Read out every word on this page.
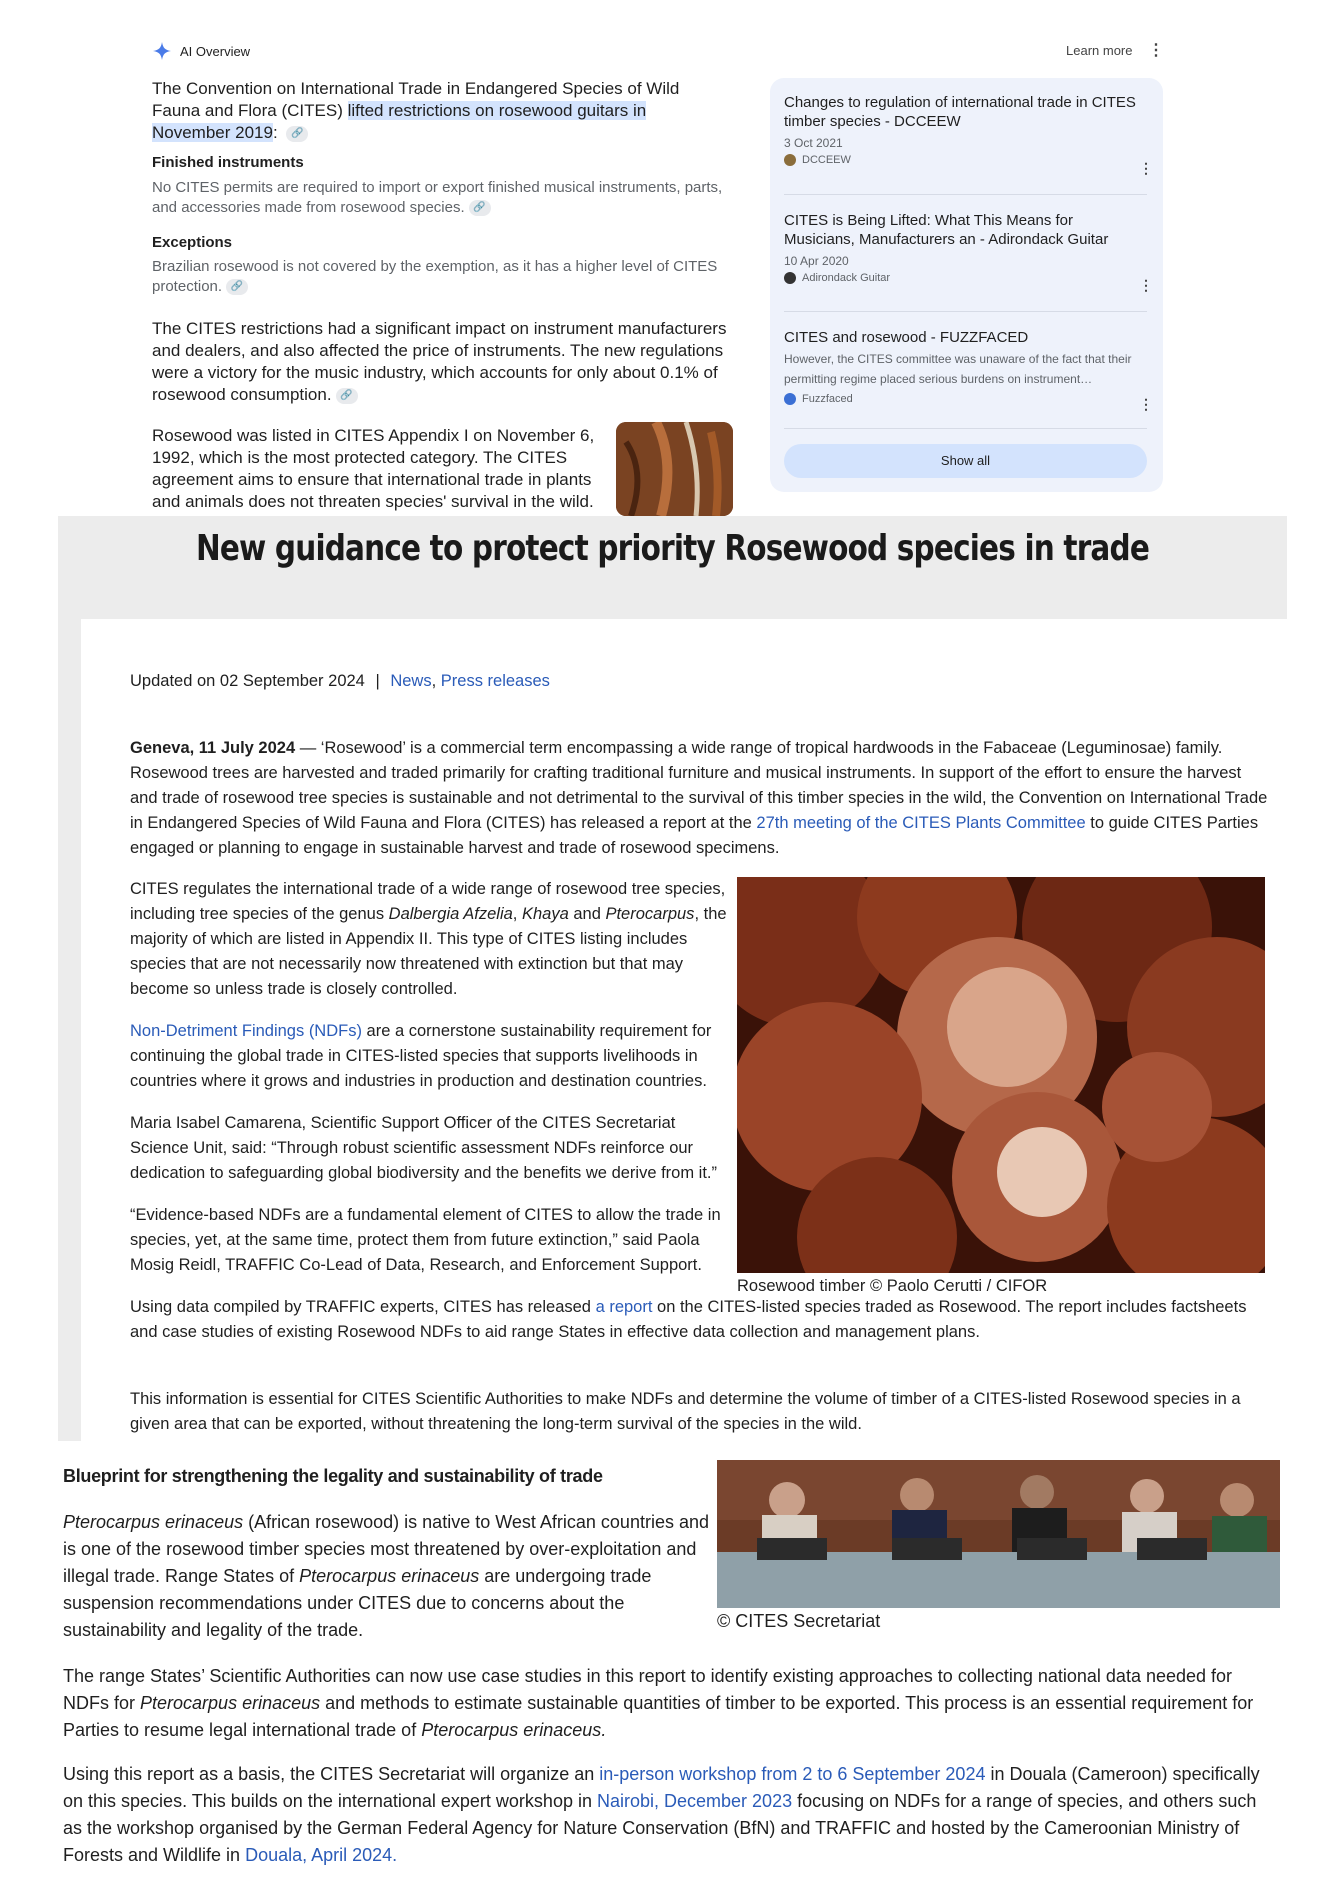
AI Overview	Learn more ⋮
The Convention on International Trade in Endangered Species of Wild Fauna and Flora (CITES) lifted restrictions on rosewood guitars in November 2019: 🔗
Finished instruments
No CITES permits are required to import or export finished musical instruments, parts, and accessories made from rosewood species. 🔗
Exceptions
Brazilian rosewood is not covered by the exemption, as it has a higher level of CITES protection. 🔗
The CITES restrictions had a significant impact on instrument manufacturers and dealers, and also affected the price of instruments. The new regulations were a victory for the music industry, which accounts for only about 0.1% of rosewood consumption. 🔗
Rosewood was listed in CITES Appendix I on November 6, 1992, which is the most protected category. The CITES agreement aims to ensure that international trade in plants and animals does not threaten species' survival in the wild.
Changes to regulation of international trade in CITES timber species - DCCEEW
3 Oct 2021
DCCEEW	⋮
CITES is Being Lifted: What This Means for Musicians, Manufacturers an - Adirondack Guitar
10 Apr 2020
Adirondack Guitar	⋮
CITES and rosewood - FUZZFACED
However, the CITES committee was unaware of the fact that their permitting regime placed serious burdens on instrument…
Fuzzfaced	⋮
Show all
New guidance to protect priority Rosewood species in trade
Updated on 02 September 2024 | News, Press releases
Geneva, 11 July 2024 — ‘Rosewood’ is a commercial term encompassing a wide range of tropical hardwoods in the Fabaceae (Leguminosae) family. Rosewood trees are harvested and traded primarily for crafting traditional furniture and musical instruments. In support of the effort to ensure the harvest and trade of rosewood tree species is sustainable and not detrimental to the survival of this timber species in the wild, the Convention on International Trade in Endangered Species of Wild Fauna and Flora (CITES) has released a report at the 27th meeting of the CITES Plants Committee to guide CITES Parties engaged or planning to engage in sustainable harvest and trade of rosewood specimens.
CITES regulates the international trade of a wide range of rosewood tree species, including tree species of the genus Dalbergia Afzelia, Khaya and Pterocarpus, the majority of which are listed in Appendix II. This type of CITES listing includes species that are not necessarily now threatened with extinction but that may become so unless trade is closely controlled.
Non-Detriment Findings (NDFs) are a cornerstone sustainability requirement for continuing the global trade in CITES-listed species that supports livelihoods in countries where it grows and industries in production and destination countries.
Maria Isabel Camarena, Scientific Support Officer of the CITES Secretariat Science Unit, said: “Through robust scientific assessment NDFs reinforce our dedication to safeguarding global biodiversity and the benefits we derive from it.”
“Evidence-based NDFs are a fundamental element of CITES to allow the trade in species, yet, at the same time, protect them from future extinction,” said Paola Mosig Reidl, TRAFFIC Co-Lead of Data, Research, and Enforcement Support.
Rosewood timber © Paolo Cerutti / CIFOR
Using data compiled by TRAFFIC experts, CITES has released a report on the CITES-listed species traded as Rosewood. The report includes factsheets and case studies of existing Rosewood NDFs to aid range States in effective data collection and management plans.
This information is essential for CITES Scientific Authorities to make NDFs and determine the volume of timber of a CITES-listed Rosewood species in a given area that can be exported, without threatening the long-term survival of the species in the wild.
Blueprint for strengthening the legality and sustainability of trade
© CITES Secretariat
Pterocarpus erinaceus (African rosewood) is native to West African countries and is one of the rosewood timber species most threatened by over-exploitation and illegal trade. Range States of Pterocarpus erinaceus are undergoing trade suspension recommendations under CITES due to concerns about the sustainability and legality of the trade.
The range States’ Scientific Authorities can now use case studies in this report to identify existing approaches to collecting national data needed for NDFs for Pterocarpus erinaceus and methods to estimate sustainable quantities of timber to be exported. This process is an essential requirement for Parties to resume legal international trade of Pterocarpus erinaceus.
Using this report as a basis, the CITES Secretariat will organize an in-person workshop from 2 to 6 September 2024 in Douala (Cameroon) specifically on this species. This builds on the international expert workshop in Nairobi, December 2023 focusing on NDFs for a range of species, and others such as the workshop organised by the German Federal Agency for Nature Conservation (BfN) and TRAFFIC and hosted by the Cameroonian Ministry of Forests and Wildlife in Douala, April 2024.
